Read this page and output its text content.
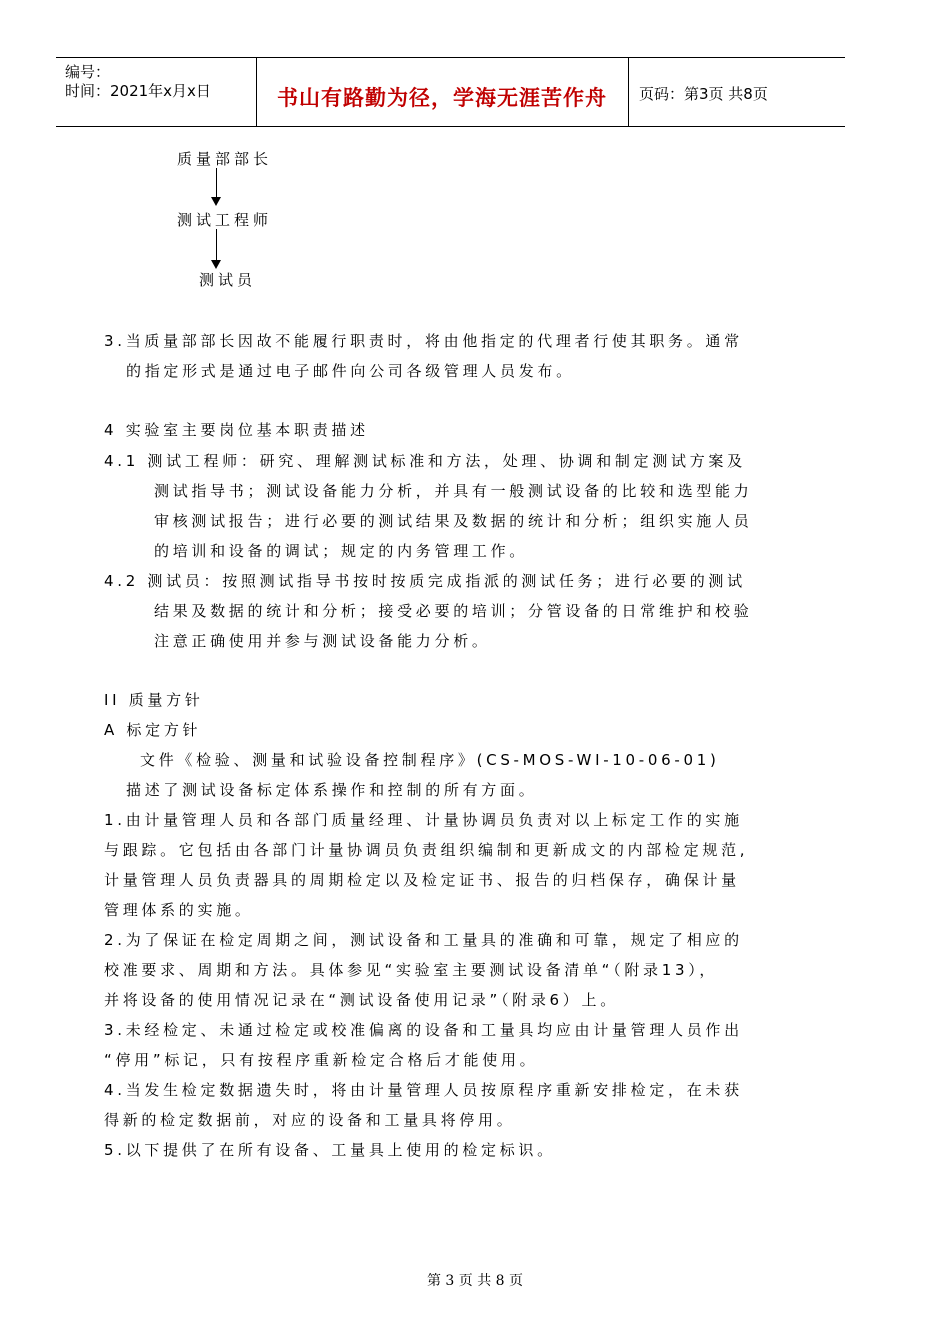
编号：
时间：2021年x月x日	书山有路勤为径，学海无涯苦作舟	页码：第3页 共8页
质量部部长
测试工程师
测试员
3.当质量部部长因故不能履行职责时，将由他指定的代理者行使其职务。通常
的指定形式是通过电子邮件向公司各级管理人员发布。
4 实验室主要岗位基本职责描述
4.1 测试工程师：研究、理解测试标准和方法，处理、协调和制定测试方案及
测试指导书；测试设备能力分析，并具有一般测试设备的比较和选型能力
审核测试报告；进行必要的测试结果及数据的统计和分析；组织实施人员
的培训和设备的调试；规定的内务管理工作。
4.2 测试员：按照测试指导书按时按质完成指派的测试任务；进行必要的测试
结果及数据的统计和分析；接受必要的培训；分管设备的日常维护和校验
注意正确使用并参与测试设备能力分析。
II 质量方针
A 标定方针
文件《检验、测量和试验设备控制程序》(CS-MOS-WI-10-06-01)
描述了测试设备标定体系操作和控制的所有方面。
1.由计量管理人员和各部门质量经理、计量协调员负责对以上标定工作的实施
与跟踪。它包括由各部门计量协调员负责组织编制和更新成文的内部检定规范,
计量管理人员负责器具的周期检定以及检定证书、报告的归档保存，确保计量
管理体系的实施。
2.为了保证在检定周期之间，测试设备和工量具的准确和可靠，规定了相应的
校准要求、周期和方法。具体参见“实验室主要测试设备清单“（附录13），
并将设备的使用情况记录在“测试设备使用记录”（附录6）上。
3.未经检定、未通过检定或校准偏离的设备和工量具均应由计量管理人员作出
“停用”标记，只有按程序重新检定合格后才能使用。
4.当发生检定数据遗失时，将由计量管理人员按原程序重新安排检定，在未获
得新的检定数据前，对应的设备和工量具将停用。
5.以下提供了在所有设备、工量具上使用的检定标识。
第 3 页 共 8 页
